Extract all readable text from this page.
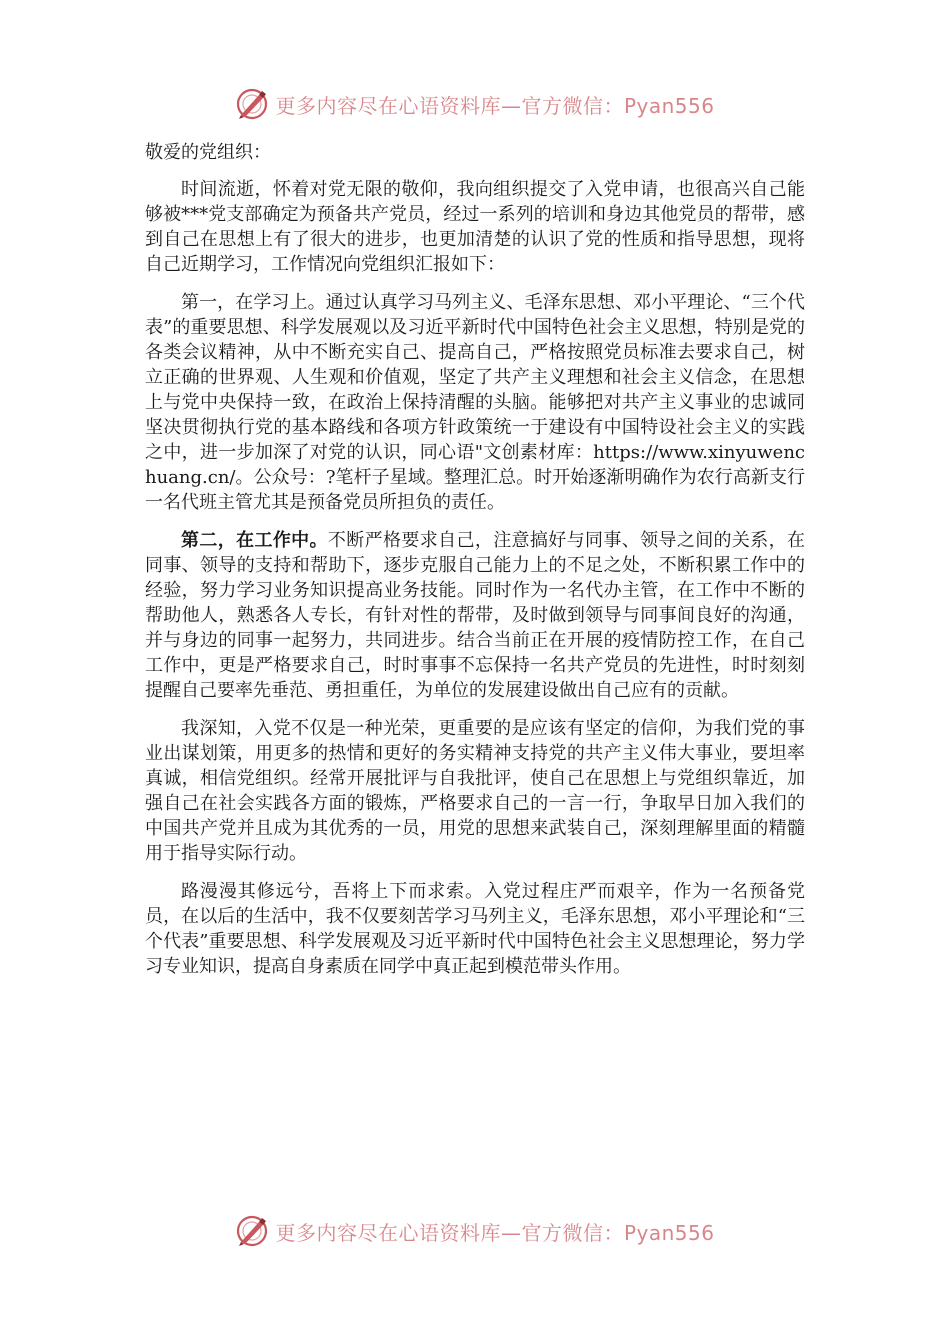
更多内容尽在心语资料库—官方微信：Pyan556

敬爱的党组织：

时间流逝，怀着对党无限的敬仰，我向组织提交了入党申请，也很高兴自己能够被***党支部确定为预备共产党员，经过一系列的培训和身边其他党员的帮带，感到自己在思想上有了很大的进步，也更加清楚的认识了党的性质和指导思想，现将自己近期学习，工作情况向党组织汇报如下：

第一，在学习上。通过认真学习马列主义、毛泽东思想、邓小平理论、“三个代表”的重要思想、科学发展观以及习近平新时代中国特色社会主义思想，特别是党的各类会议精神，从中不断充实自己、提高自己，严格按照党员标准去要求自己，树立正确的世界观、人生观和价值观，坚定了共产主义理想和社会主义信念，在思想上与党中央保持一致，在政治上保持清醒的头脑。能够把对共产主义事业的忠诚同坚决贯彻执行党的基本路线和各项方针政策统一于建设有中国特设社会主义的实践之中，进一步加深了对党的认识，同心语"文创素材库：https://www.xinyuwenchuang.cn/。公众号：?笔杆子星域。整理汇总。时开始逐渐明确作为农行高新支行一名代班主管尤其是预备党员所担负的责任。

第二，在工作中。不断严格要求自己，注意搞好与同事、领导之间的关系，在同事、领导的支持和帮助下，逐步克服自己能力上的不足之处，不断积累工作中的经验，努力学习业务知识提高业务技能。同时作为一名代办主管，在工作中不断的帮助他人，熟悉各人专长，有针对性的帮带，及时做到领导与同事间良好的沟通，并与身边的同事一起努力，共同进步。结合当前正在开展的疫情防控工作，在自己工作中，更是严格要求自己，时时事事不忘保持一名共产党员的先进性，时时刻刻提醒自己要率先垂范、勇担重任，为单位的发展建设做出自己应有的贡献。

我深知，入党不仅是一种光荣，更重要的是应该有坚定的信仰，为我们党的事业出谋划策，用更多的热情和更好的务实精神支持党的共产主义伟大事业，要坦率真诚，相信党组织。经常开展批评与自我批评，使自己在思想上与党组织靠近，加强自己在社会实践各方面的锻炼，严格要求自己的一言一行，争取早日加入我们的中国共产党并且成为其优秀的一员，用党的思想来武装自己，深刻理解里面的精髓用于指导实际行动。

路漫漫其修远兮，吾将上下而求索。入党过程庄严而艰辛，作为一名预备党员，在以后的生活中，我不仅要刻苦学习马列主义，毛泽东思想，邓小平理论和“三个代表”重要思想、科学发展观及习近平新时代中国特色社会主义思想理论，努力学习专业知识，提高自身素质在同学中真正起到模范带头作用。

更多内容尽在心语资料库—官方微信：Pyan556
